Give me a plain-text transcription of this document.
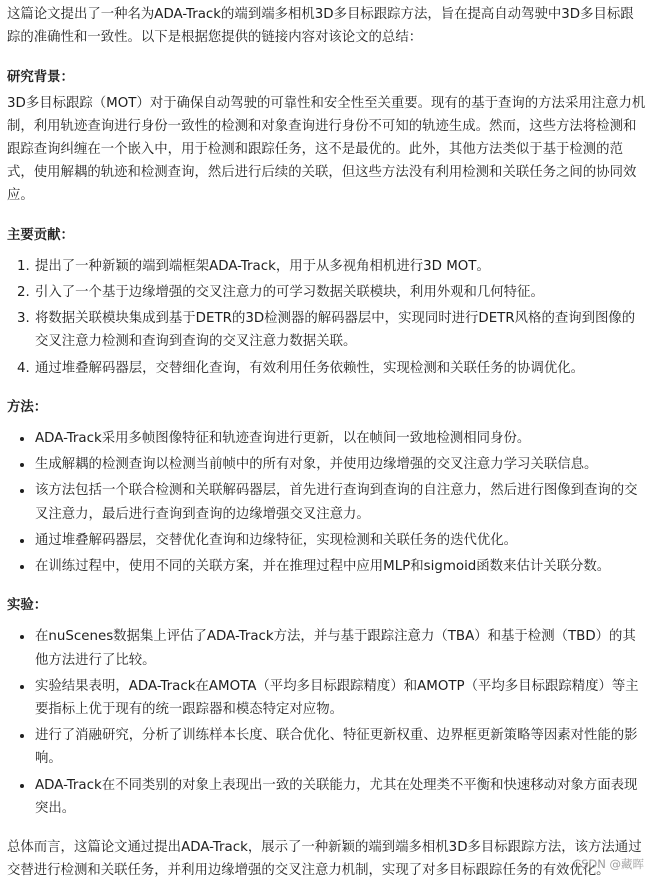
这篇论文提出了一种名为ADA-Track的端到端多相机3D多目标跟踪方法，旨在提高自动驾驶中3D多目标跟踪的准确性和一致性。以下是根据您提供的链接内容对该论文的总结：

研究背景：

3D多目标跟踪（MOT）对于确保自动驾驶的可靠性和安全性至关重要。现有的基于查询的方法采用注意力机制，利用轨迹查询进行身份一致性的检测和对象查询进行身份不可知的轨迹生成。然而，这些方法将检测和跟踪查询纠缠在一个嵌入中，用于检测和跟踪任务，这不是最优的。此外，其他方法类似于基于检测的范式，使用解耦的轨迹和检测查询，然后进行后续的关联，但这些方法没有利用检测和关联任务之间的协同效应。

主要贡献：

1. 提出了一种新颖的端到端框架ADA-Track，用于从多视角相机进行3D MOT。
2. 引入了一个基于边缘增强的交叉注意力的可学习数据关联模块，利用外观和几何特征。
3. 将数据关联模块集成到基于DETR的3D检测器的解码器层中，实现同时进行DETR风格的查询到图像的交叉注意力检测和查询到查询的交叉注意力数据关联。
4. 通过堆叠解码器层，交替细化查询，有效利用任务依赖性，实现检测和关联任务的协调优化。

方法：

• ADA-Track采用多帧图像特征和轨迹查询进行更新，以在帧间一致地检测相同身份。
• 生成解耦的检测查询以检测当前帧中的所有对象，并使用边缘增强的交叉注意力学习关联信息。
• 该方法包括一个联合检测和关联解码器层，首先进行查询到查询的自注意力，然后进行图像到查询的交叉注意力，最后进行查询到查询的边缘增强交叉注意力。
• 通过堆叠解码器层，交替优化查询和边缘特征，实现检测和关联任务的迭代优化。
• 在训练过程中，使用不同的关联方案，并在推理过程中应用MLP和sigmoid函数来估计关联分数。

实验：

• 在nuScenes数据集上评估了ADA-Track方法，并与基于跟踪注意力（TBA）和基于检测（TBD）的其他方法进行了比较。
• 实验结果表明，ADA-Track在AMOTA（平均多目标跟踪精度）和AMOTP（平均多目标跟踪精度）等主要指标上优于现有的统一跟踪器和模态特定对应物。
• 进行了消融研究，分析了训练样本长度、联合优化、特征更新权重、边界框更新策略等因素对性能的影响。
• ADA-Track在不同类别的对象上表现出一致的关联能力，尤其在处理类不平衡和快速移动对象方面表现突出。

总体而言，这篇论文通过提出ADA-Track，展示了一种新颖的端到端多相机3D多目标跟踪方法，该方法通过交替进行检测和关联任务，并利用边缘增强的交叉注意力机制，实现了对多目标跟踪任务的有效优化。

CSDN @藏晖
